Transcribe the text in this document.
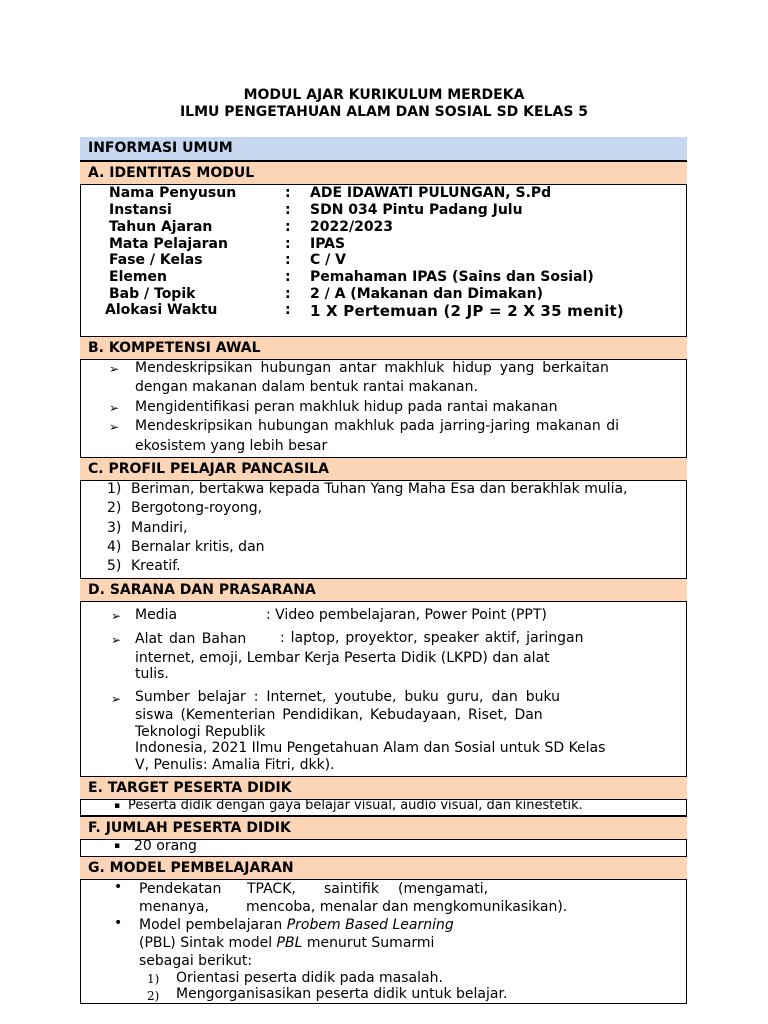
MODUL AJAR KURIKULUM MERDEKA
ILMU PENGETAHUAN ALAM DAN SOSIAL SD KELAS 5
INFORMASI UMUM
A. IDENTITAS MODUL
Nama Penyusun	: ADE IDAWATI PULUNGAN, S.Pd
Instansi	: SDN 034 Pintu Padang Julu
Tahun Ajaran	: 2022/2023
Mata Pelajaran	: IPAS
Fase / Kelas	: C / V
Elemen	: Pemahaman IPAS (Sains dan Sosial)
Bab / Topik	: 2 / A (Makanan dan Dimakan)
Alokasi Waktu	: 1 X Pertemuan (2 JP = 2 X 35 menit)
B. KOMPETENSI AWAL
➢ Mendeskripsikan hubungan antar makhluk hidup yang berkaitan
dengan makanan dalam bentuk rantai makanan.
➢ Mengidentifikasi peran makhluk hidup pada rantai makanan
➢ Mendeskripsikan hubungan makhluk pada jarring-jaring makanan di
ekosistem yang lebih besar
C. PROFIL PELAJAR PANCASILA
1) Beriman, bertakwa kepada Tuhan Yang Maha Esa dan berakhlak mulia,
2) Bergotong-royong,
3) Mandiri,
4) Bernalar kritis, dan
5) Kreatif.
D. SARANA DAN PRASARANA
➢ Media	: Video pembelajaran, Power Point (PPT)
➢ Alat dan Bahan : laptop, proyektor, speaker aktif, jaringan
internet, emoji, Lembar Kerja Peserta Didik (LKPD) dan alat
tulis.
➢ Sumber belajar : Internet, youtube, buku guru, dan buku
siswa (Kementerian Pendidikan, Kebudayaan, Riset, Dan
Teknologi Republik
Indonesia, 2021 Ilmu Pengetahuan Alam dan Sosial untuk SD Kelas
V, Penulis: Amalia Fitri, dkk).
E. TARGET PESERTA DIDIK
▪ Peserta didik dengan gaya belajar visual, audio visual, dan kinestetik.
F. JUMLAH PESERTA DIDIK
▪ 20 orang
G. MODEL PEMBELAJARAN
• Pendekatan TPACK, saintifik (mengamati,
menanya,	mencoba, menalar dan mengkomunikasikan).
• Model pembelajaran Probem Based Learning
(PBL) Sintak model PBL menurut Sumarmi
sebagai berikut:
1) Orientasi peserta didik pada masalah.
2) Mengorganisasikan peserta didik untuk belajar.
